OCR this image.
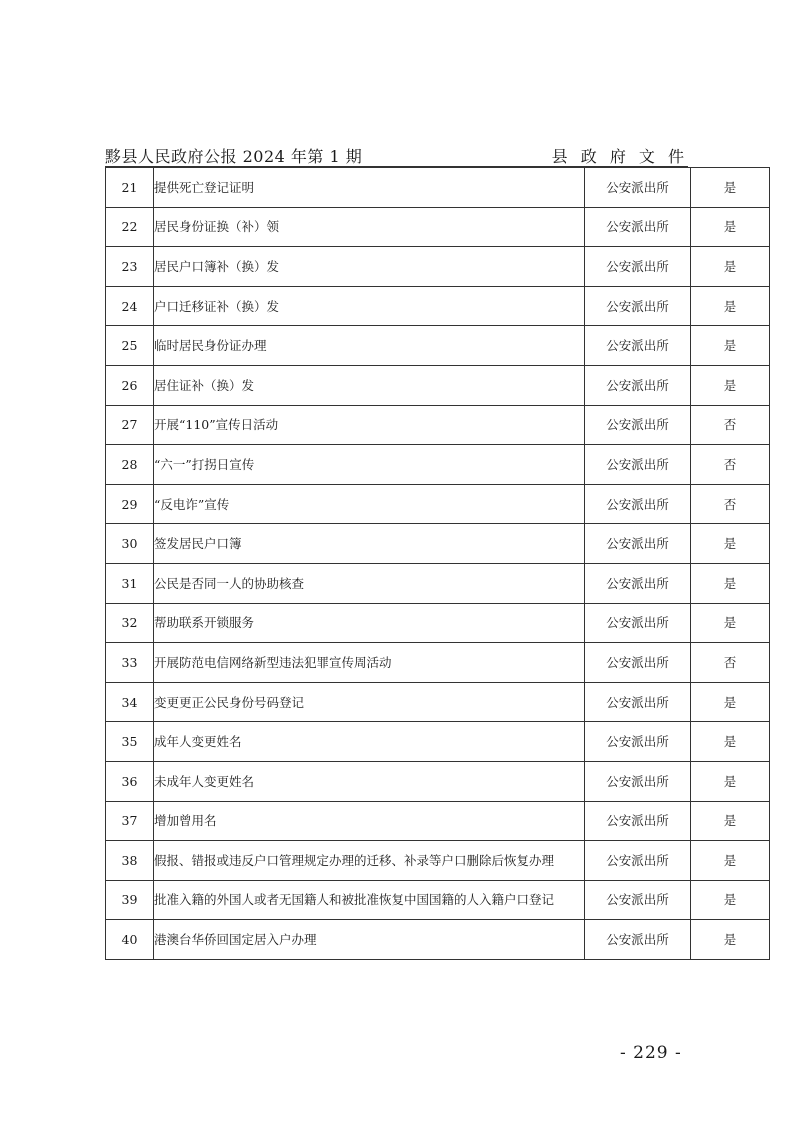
黟县人民政府公报 2024 年第 1 期	县 政 府 文 件
21	提供死亡登记证明	公安派出所	是
22	居民身份证换（补）领	公安派出所	是
23	居民户口簿补（换）发	公安派出所	是
24	户口迁移证补（换）发	公安派出所	是
25	临时居民身份证办理	公安派出所	是
26	居住证补（换）发	公安派出所	是
27	开展“110”宣传日活动	公安派出所	否
28	“六一”打拐日宣传	公安派出所	否
29	“反电诈”宣传	公安派出所	否
30	签发居民户口簿	公安派出所	是
31	公民是否同一人的协助核查	公安派出所	是
32	帮助联系开锁服务	公安派出所	是
33	开展防范电信网络新型违法犯罪宣传周活动	公安派出所	否
34	变更更正公民身份号码登记	公安派出所	是
35	成年人变更姓名	公安派出所	是
36	未成年人变更姓名	公安派出所	是
37	增加曾用名	公安派出所	是
38	假报、错报或违反户口管理规定办理的迁移、补录等户口删除后恢复办理	公安派出所	是
39	批准入籍的外国人或者无国籍人和被批准恢复中国国籍的人入籍户口登记	公安派出所	是
40	港澳台华侨回国定居入户办理	公安派出所	是
- 229 -
